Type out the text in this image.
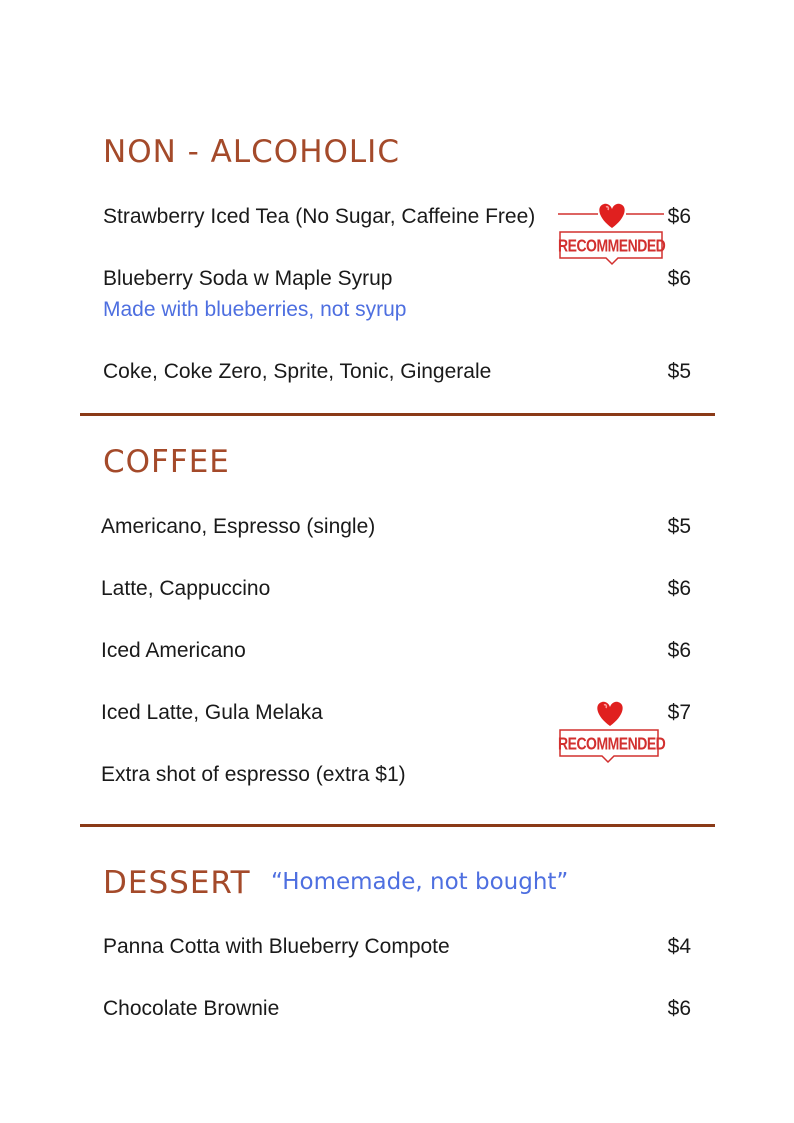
NON - ALCOHOLIC
Strawberry Iced Tea (No Sugar, Caffeine Free)	$6
Blueberry Soda w Maple Syrup	$6
Made with blueberries, not syrup
Coke, Coke Zero, Sprite, Tonic, Gingerale	$5
RECOMMENDED
COFFEE
Americano, Espresso (single)	$5
Latte, Cappuccino	$6
Iced Americano	$6
Iced Latte, Gula Melaka	$7
Extra shot of espresso (extra $1)
RECOMMENDED
DESSERT “Homemade, not bought”
Panna Cotta with Blueberry Compote	$4
Chocolate Brownie	$6
